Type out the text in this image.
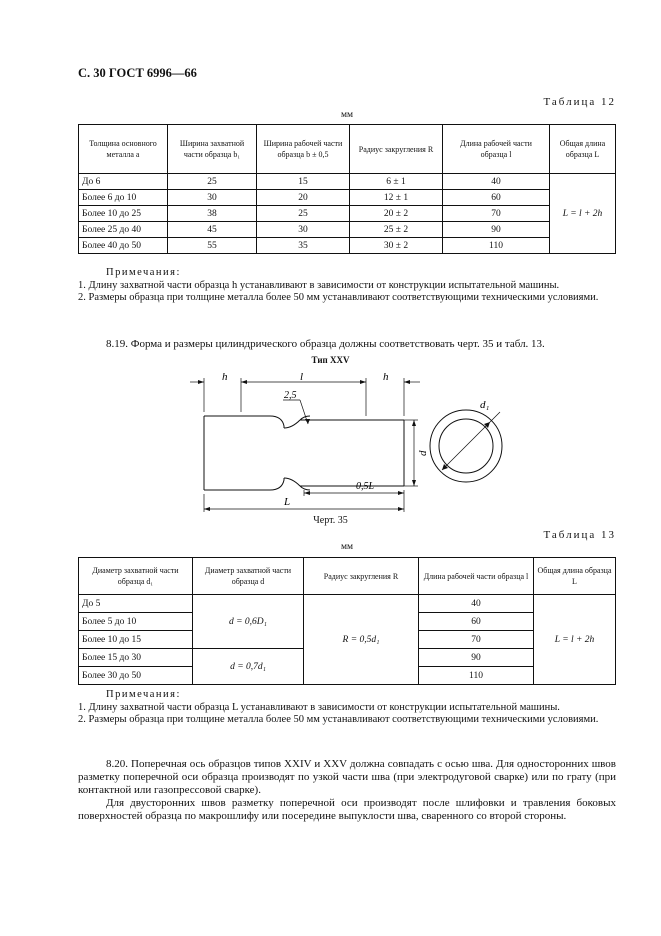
С. 30 ГОСТ 6996—66
Таблица 12
мм
Толщина основного металла a	Ширина захватной части образца b₁	Ширина рабочей части образца b ± 0,5	Радиус закругления R	Длина рабочей части образца l	Общая длина образца L
До 6	25	15	6 ± 1	40	L = l + 2h
Более 6 до 10	30	20	12 ± 1	60	
Более 10 до 25	38	25	20 ± 2	70	
Более 25 до 40	45	30	25 ± 2	90	
Более 40 до 50	55	35	30 ± 2	110	
Примечания:
1. Длину захватной части образца h устанавливают в зависимости от конструкции испытательной машины.
2. Размеры образца при толщине металла более 50 мм устанавливают соответствующими техническими условиями.
8.19. Форма и размеры цилиндрического образца должны соответствовать черт. 35 и табл. 13.
Тип XXV
h	l	h
2,5
d
d₁
0,5L
L
Черт. 35
Таблица 13
мм
Диаметр захватной части образца d₁	Диаметр захватной части образца d	Радиус закругления R	Длина рабочей части образца l	Общая длина образца L
До 5	d = 0,6D₁	R = 0,5d₁	40	L = l + 2h
Более 5 до 10			60	
Более 10 до 15			70	
Более 15 до 30	d = 0,7d₁		90	
Более 30 до 50			110	
Примечания:
1. Длину захватной части образца L устанавливают в зависимости от конструкции испытательной машины.
2. Размеры образца при толщине металла более 50 мм устанавливают соответствующими техническими условиями.
8.20. Поперечная ось образцов типов XXIV и XXV должна совпадать с осью шва. Для односторонних швов разметку поперечной оси образца производят по узкой части шва (при электродуговой сварке) или по грату (при контактной или газопрессовой сварке).
Для двусторонних швов разметку поперечной оси производят после шлифовки и травления боковых поверхностей образца по макрошлифу или посередине выпуклости шва, сваренного со второй стороны.
